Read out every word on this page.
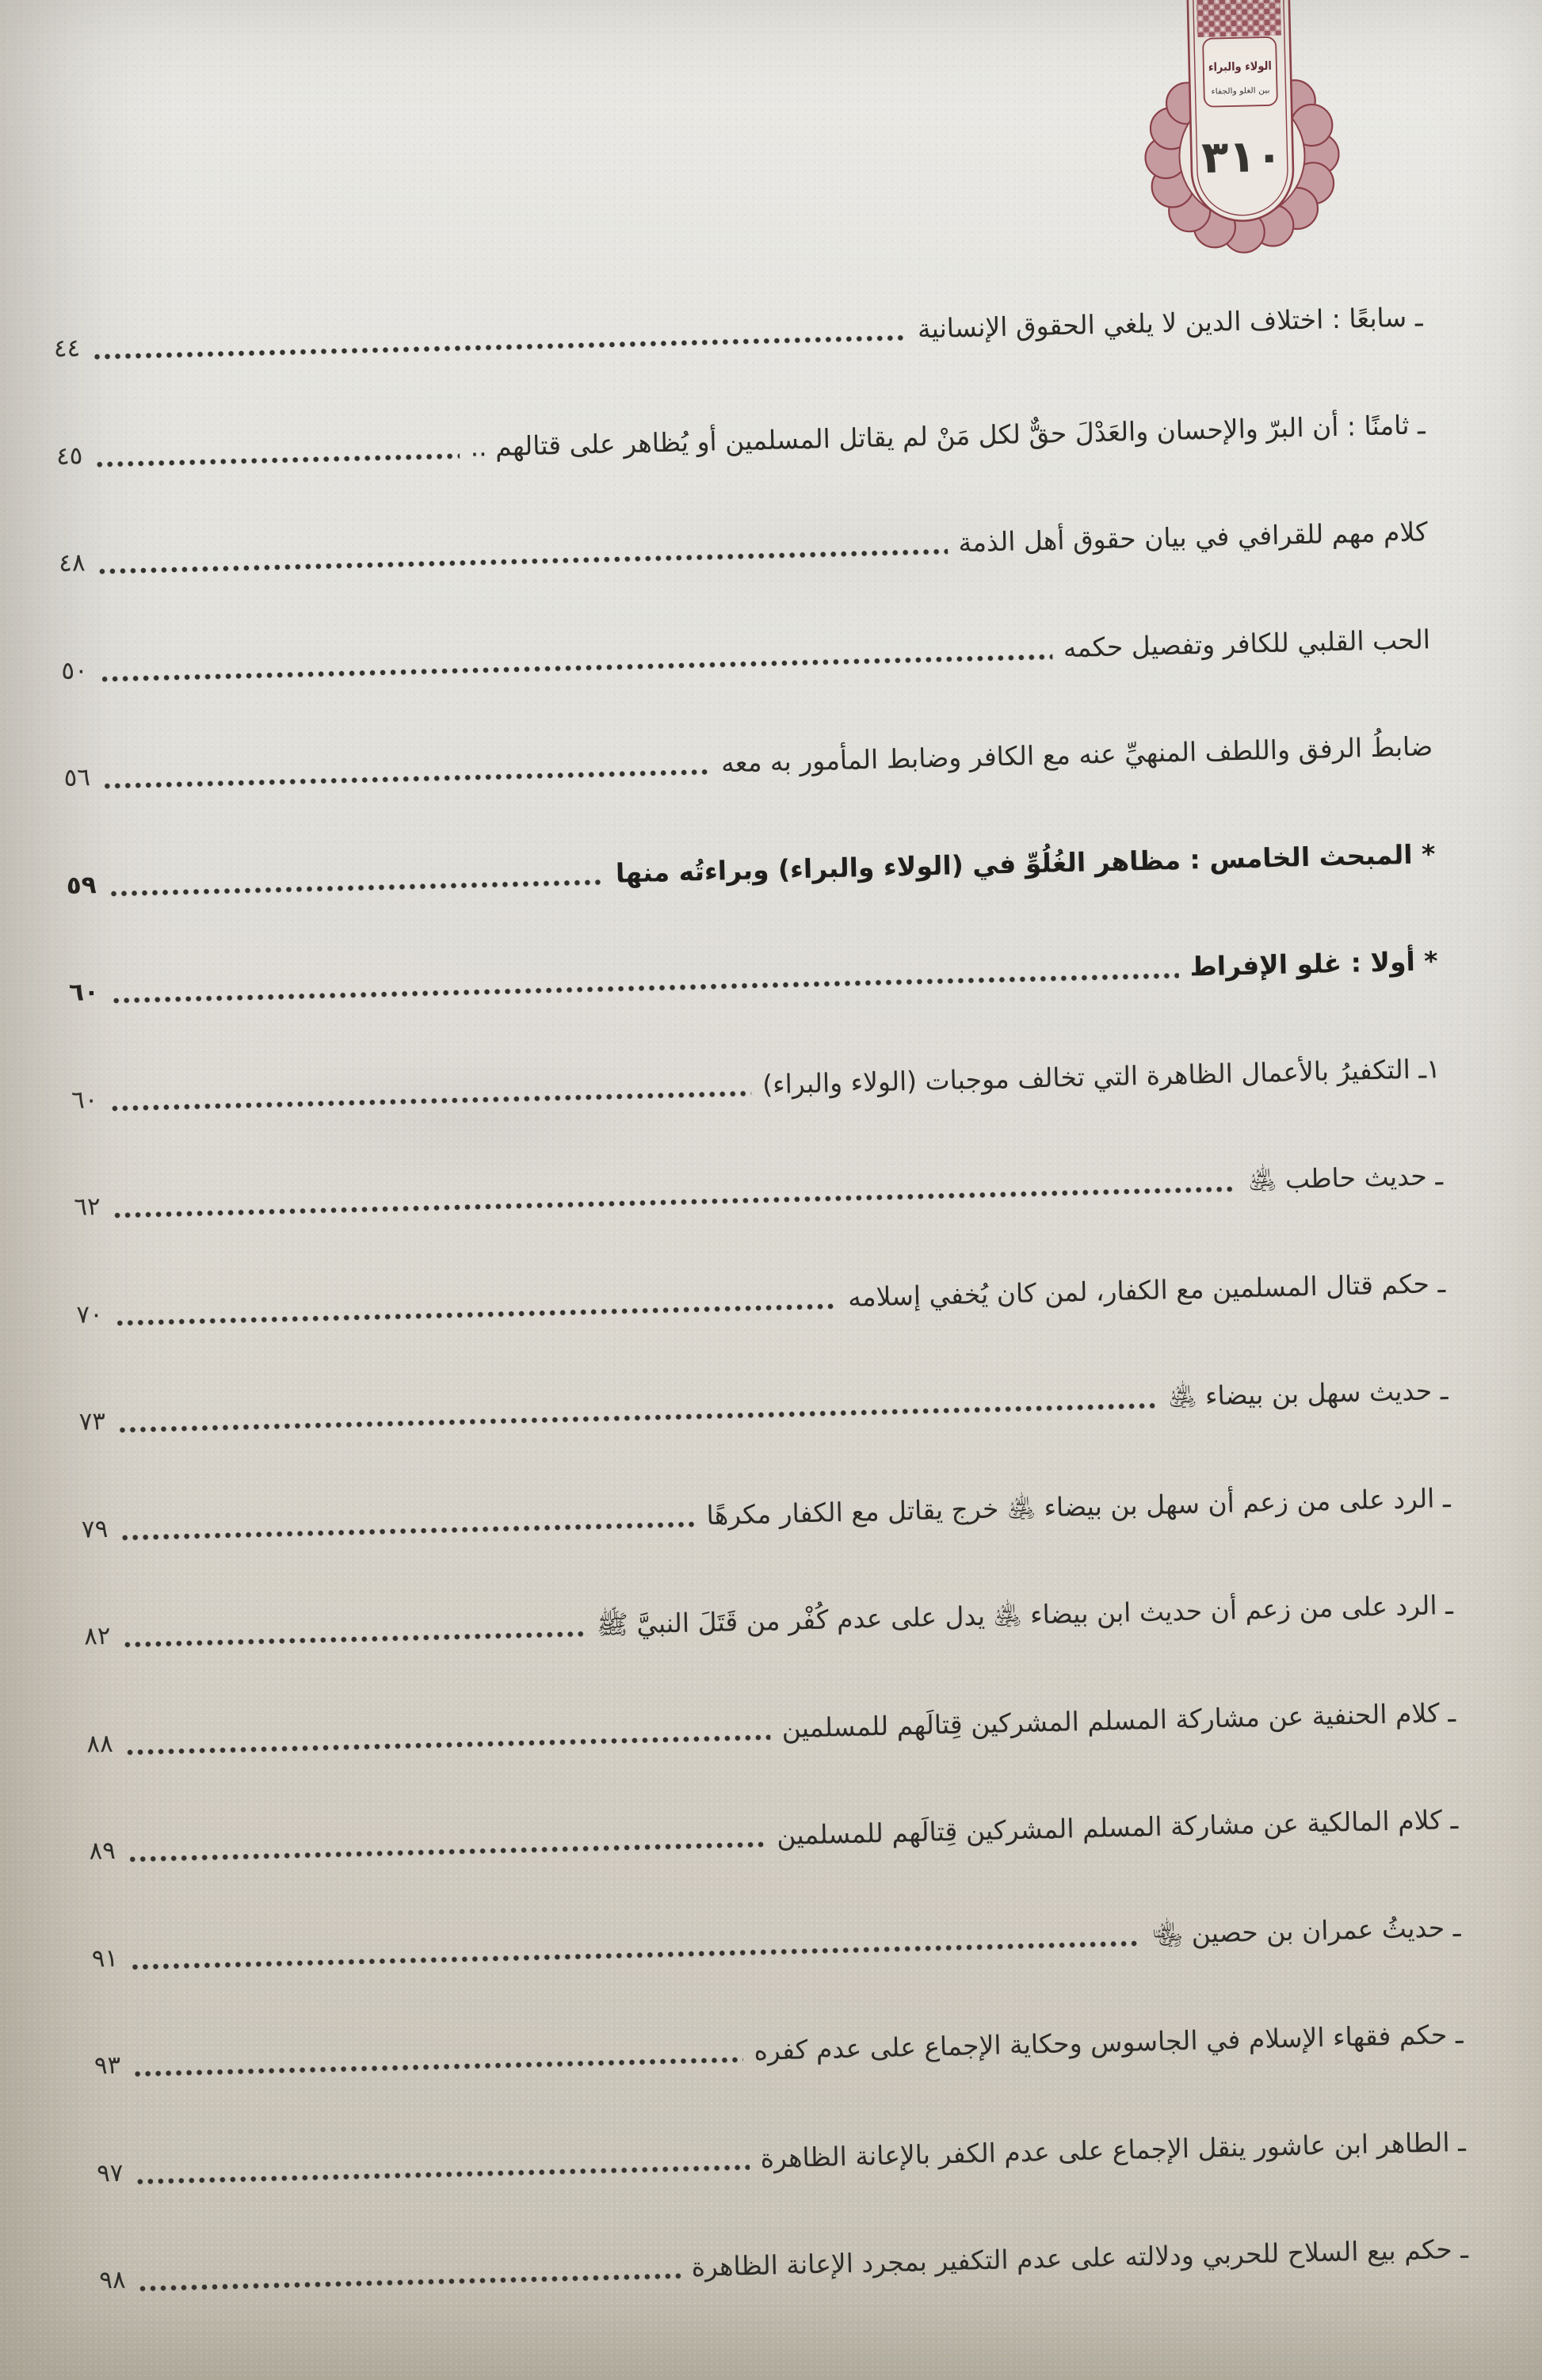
الولاء والبراء
بين الغلو والجفاء
٣١٠
ـ سابعًا : اختلاف الدين لا يلغي الحقوق الإنسانية
٤٤
ـ ثامنًا : أن البرّ والإحسان والعَدْلَ حقٌّ لكل مَنْ لم يقاتل المسلمين أو يُظاهر على قتالهم ..
٤٥
كلام مهم للقرافي في بيان حقوق أهل الذمة
٤٨
الحب القلبي للكافر وتفصيل حكمه
٥٠
ضابطُ الرفق واللطف المنهيِّ عنه مع الكافر وضابط المأمور به معه
٥٦
* المبحث الخامس : مظاهر الغُلُوِّ في (الولاء والبراء) وبراءتُه منها
٥٩
* أولا : غلو الإفراط
٦٠
١ـ التكفيرُ بالأعمال الظاهرة التي تخالف موجبات (الولاء والبراء)
٦٠
ـ حديث حاطب ﵁
٦٢
ـ حكم قتال المسلمين مع الكفار، لمن كان يُخفي إسلامه
٧٠
ـ حديث سهل بن بيضاء ﵁
٧٣
ـ الرد على من زعم أن سهل بن بيضاء ﵁ خرج يقاتل مع الكفار مكرهًا
٧٩
ـ الرد على من زعم أن حديث ابن بيضاء ﵁ يدل على عدم كُفْر من قَتَلَ النبيَّ ﷺ
٨٢
ـ كلام الحنفية عن مشاركة المسلم المشركين قِتالَهم للمسلمين
٨٨
ـ كلام المالكية عن مشاركة المسلم المشركين قِتالَهم للمسلمين
٨٩
ـ حديثُ عمران بن حصين ﵄
٩١
ـ حكم فقهاء الإسلام في الجاسوس وحكاية الإجماع على عدم كفره
٩٣
ـ الطاهر ابن عاشور ينقل الإجماع على عدم الكفر بالإعانة الظاهرة
٩٧
ـ حكم بيع السلاح للحربي ودلالته على عدم التكفير بمجرد الإعانة الظاهرة
٩٨
